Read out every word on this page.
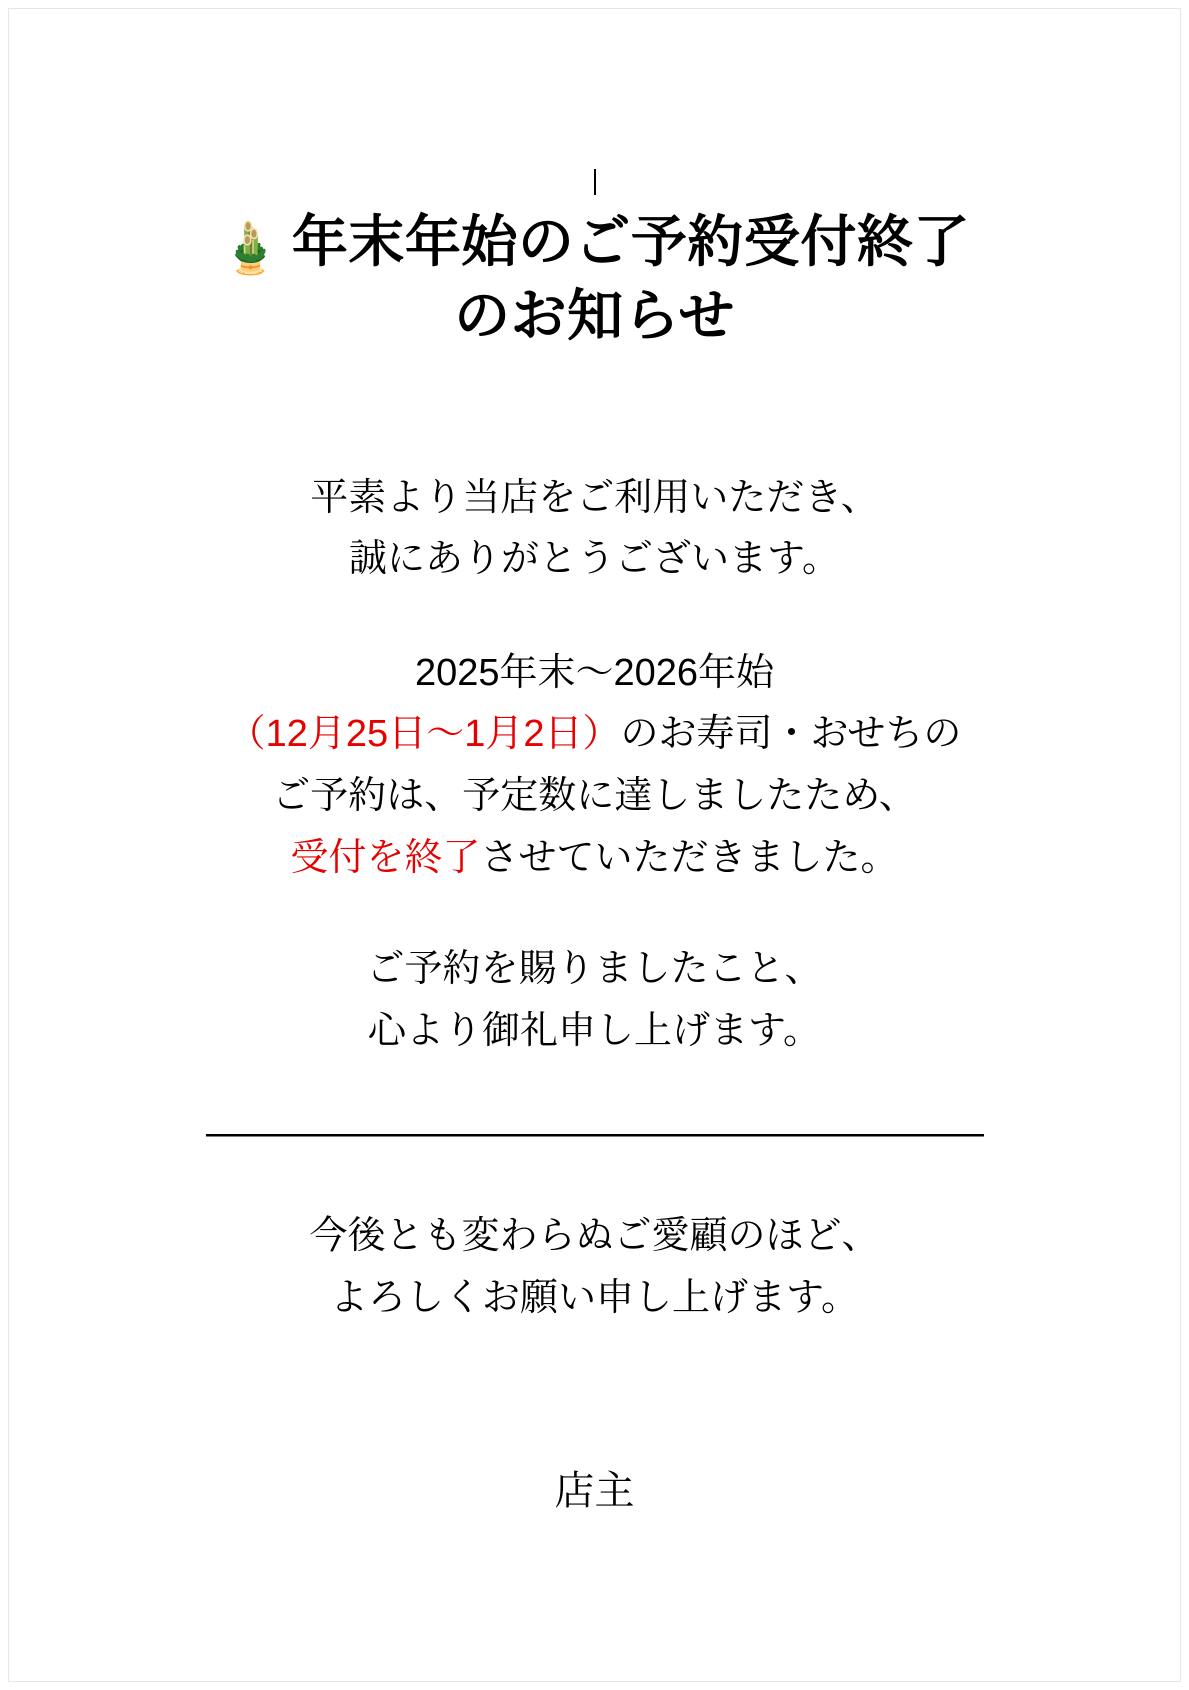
🎍 年末年始のご予約受付終了
のお知らせ

平素より当店をご利用いただき、
誠にありがとうございます。

2025年末〜2026年始
（12月25日〜1月2日）のお寿司・おせちの
ご予約は、予定数に達しましたため、
受付を終了させていただきました。

ご予約を賜りましたこと、
心より御礼申し上げます。

—————————————————————

今後とも変わらぬご愛顧のほど、
よろしくお願い申し上げます。

店主
